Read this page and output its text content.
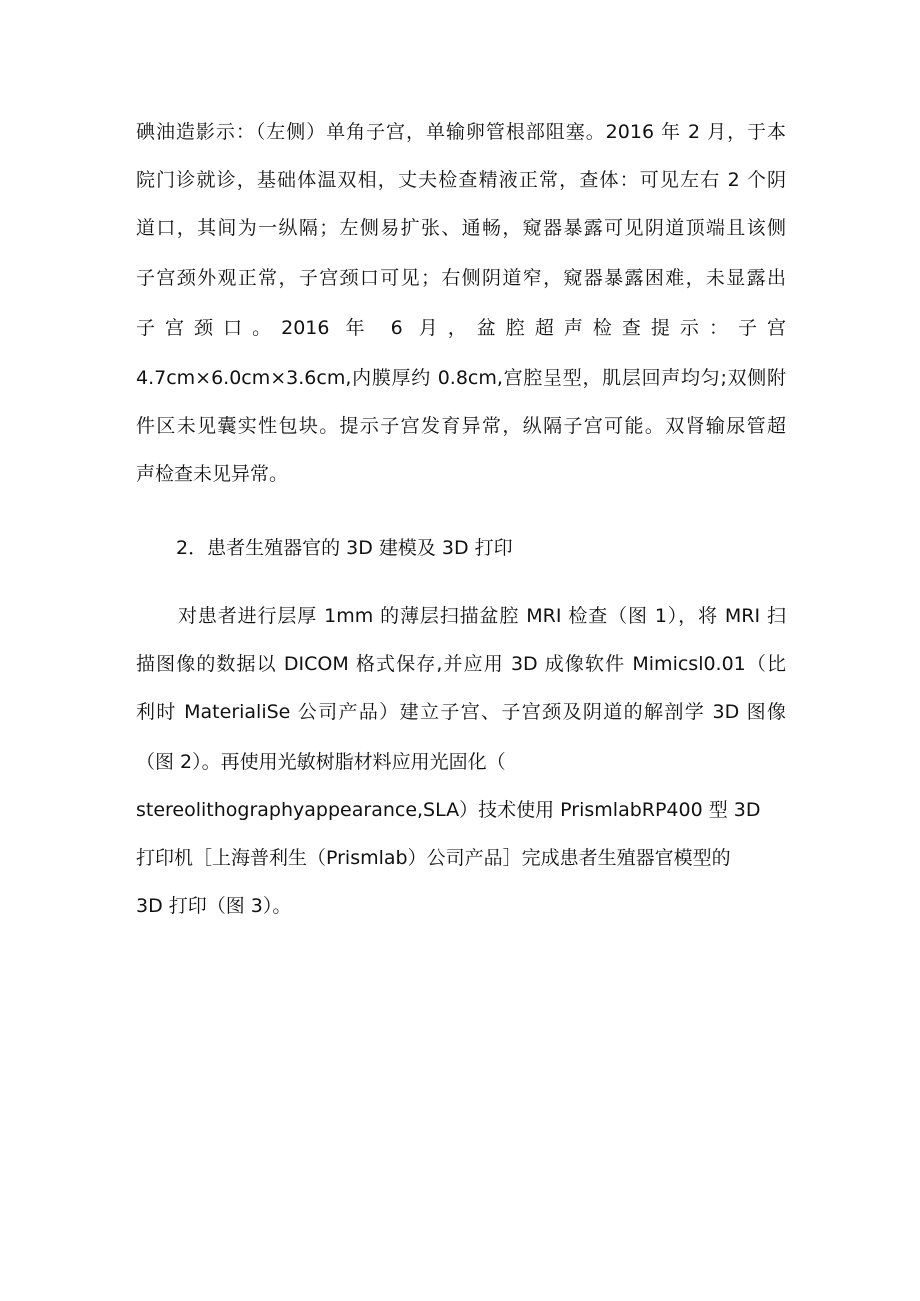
碘油造影示：（左侧）单角子宫，单输卵管根部阻塞。2016 年 2 月，于本
院门诊就诊，基础体温双相，丈夫检查精液正常，查体：可见左右 2 个阴
道口，其间为一纵隔；左侧易扩张、通畅，窥器暴露可见阴道顶端且该侧
子宫颈外观正常，子宫颈口可见；右侧阴道窄，窥器暴露困难，未显露出
子宫颈口。2016 年 6 月，盆腔超声检查提示：子宫
4.7cm×6.0cm×3.6cm,内膜厚约 0.8cm,宫腔呈型，肌层回声均匀;双侧附
件区未见囊实性包块。提示子宫发育异常，纵隔子宫可能。双肾输尿管超
声检查未见异常。
2．患者生殖器官的 3D 建模及 3D 打印
对患者进行层厚 1mm 的薄层扫描盆腔 MRI 检查（图 1），将 MRI 扫
描图像的数据以 DICOM 格式保存,并应用 3D 成像软件 Mimicsl0.01（比
利时 MaterialiSe 公司产品）建立子宫、子宫颈及阴道的解剖学 3D 图像
（图 2）。再使用光敏树脂材料应用光固化（
stereolithographyappearance,SLA）技术使用 PrismlabRP400 型 3D
打印机［上海普利生（Prismlab）公司产品］完成患者生殖器官模型的
3D 打印（图 3）。
